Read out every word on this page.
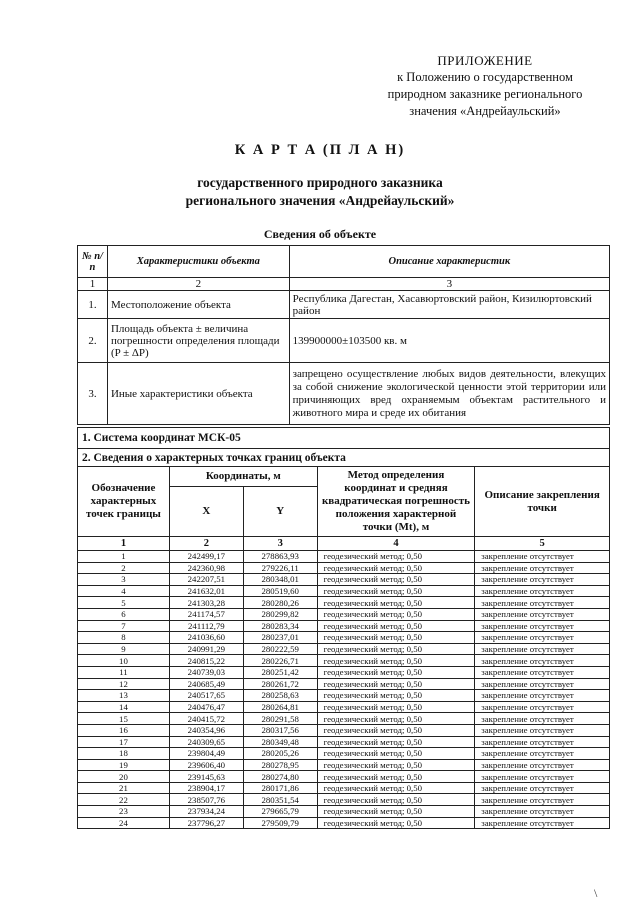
ПРИЛОЖЕНИЕ
к Положению о государственном
природном заказнике регионального
значения «Андрейаульский»
К А Р Т А (П Л А Н)
государственного природного заказника
регионального значения «Андрейаульский»
Сведения об объекте
№ п/п	Характеристики объекта	Описание характеристик
1	2	3
1.	Местоположение объекта	Республика Дагестан, Хасавюртовский район, Кизилюртовский район
2.	Площадь объекта ± величина погрешности определения площади (P ± ΔP)	139900000±103500 кв. м
3.	Иные характеристики объекта	запрещено осуществление любых видов деятельности, влекущих за собой снижение экологической ценности этой территории или причиняющих вред охраняемым объектам растительного и животного мира и среде их обитания
1. Система координат МСК-05				
2. Сведения о характерных точках границ объекта				
Обозначение характерных точек границы	Координаты, м		Метод определения координат и средняя квадратическая погрешность положения характерной точки (Mt), м	Описание закрепления точки
	X	Y		
1	2	3	4	5
1	242499,17	278863,93	геодезический метод; 0,50	закрепление отсутствует
2	242360,98	279226,11	геодезический метод; 0,50	закрепление отсутствует
3	242207,51	280348,01	геодезический метод; 0,50	закрепление отсутствует
4	241632,01	280519,60	геодезический метод; 0,50	закрепление отсутствует
5	241303,28	280280,26	геодезический метод; 0,50	закрепление отсутствует
6	241174,57	280299,82	геодезический метод; 0,50	закрепление отсутствует
7	241112,79	280283,34	геодезический метод; 0,50	закрепление отсутствует
8	241036,60	280237,01	геодезический метод; 0,50	закрепление отсутствует
9	240991,29	280222,59	геодезический метод; 0,50	закрепление отсутствует
10	240815,22	280226,71	геодезический метод; 0,50	закрепление отсутствует
11	240739,03	280251,42	геодезический метод; 0,50	закрепление отсутствует
12	240685,49	280261,72	геодезический метод; 0,50	закрепление отсутствует
13	240517,65	280258,63	геодезический метод; 0,50	закрепление отсутствует
14	240476,47	280264,81	геодезический метод; 0,50	закрепление отсутствует
15	240415,72	280291,58	геодезический метод; 0,50	закрепление отсутствует
16	240354,96	280317,56	геодезический метод; 0,50	закрепление отсутствует
17	240309,65	280349,48	геодезический метод; 0,50	закрепление отсутствует
18	239804,49	280205,26	геодезический метод; 0,50	закрепление отсутствует
19	239606,40	280278,95	геодезический метод; 0,50	закрепление отсутствует
20	239145,63	280274,80	геодезический метод; 0,50	закрепление отсутствует
21	238904,17	280171,86	геодезический метод; 0,50	закрепление отсутствует
22	238507,76	280351,54	геодезический метод; 0,50	закрепление отсутствует
23	237934,24	279665,79	геодезический метод; 0,50	закрепление отсутствует
24	237796,27	279509,79	геодезический метод; 0,50	закрепление отсутствует
\
